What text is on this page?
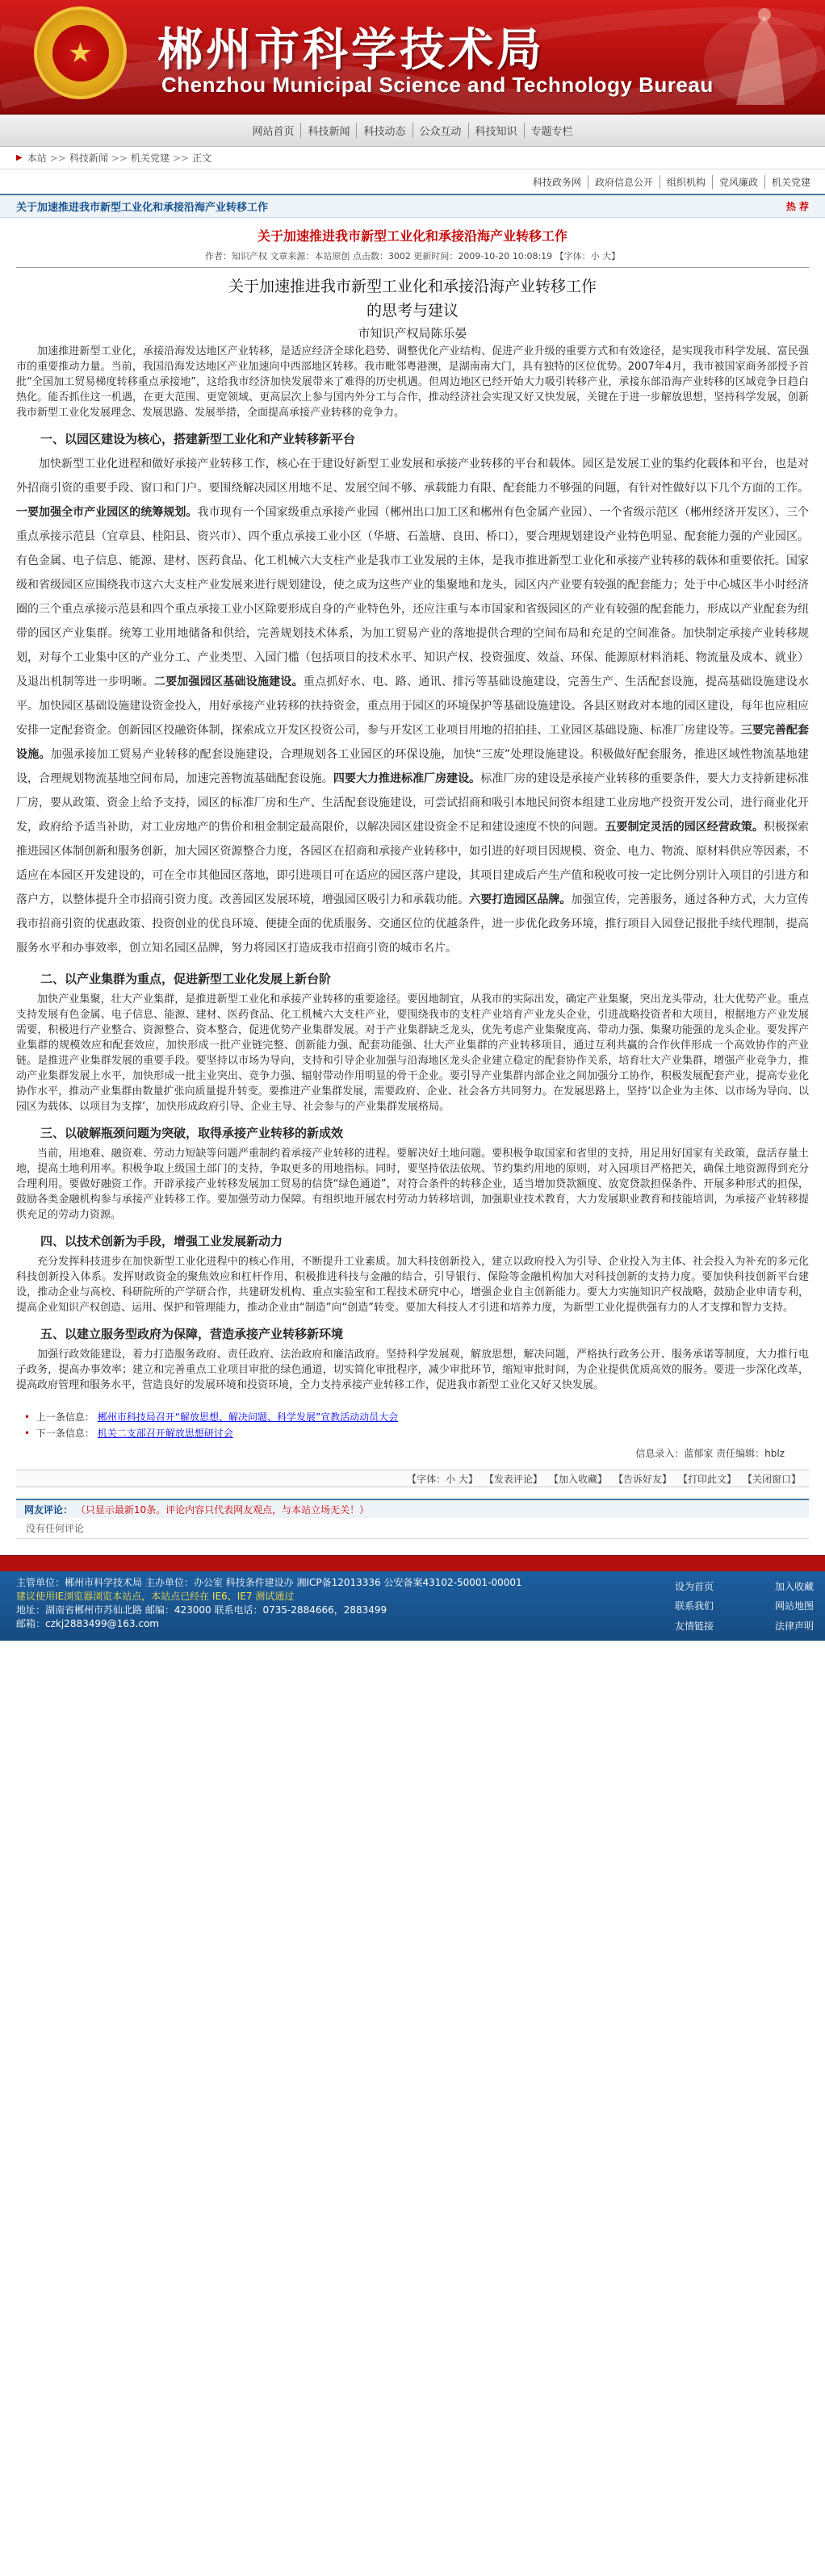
★	郴州市科学技术局
Chenzhou Municipal Science and Technology Bureau
网站首页	科技新闻	科技动态	公众互动	科技知识	专题专栏
▶ 本站 >> 科技新闻 >> 机关党建 >> 正文
科技政务网	政府信息公开	组织机构	党风廉政	机关党建
关于加速推进我市新型工业化和承接沿海产业转移工作	热 荐
关于加速推进我市新型工业化和承接沿海产业转移工作
作者：知识产权 文章来源：本站原创 点击数：3002 更新时间：2009-10-20 10:08:19 【字体：小 大】
关于加速推进我市新型工业化和承接沿海产业转移工作
的思考与建议
市知识产权局陈乐晏

加速推进新型工业化，承接沿海发达地区产业转移，是适应经济全球化趋势、调整优化产业结构、促进产业升级的重要方式和有效途径，是实现我市科学发展、富民强市的重要推动力量。当前，我国沿海发达地区产业加速向中西部地区转移。我市毗邻粤港澳，是湖南南大门，具有独特的区位优势。2007年4月，我市被国家商务部授予首批“全国加工贸易梯度转移重点承接地”，这给我市经济加快发展带来了难得的历史机遇。但周边地区已经开始大力吸引转移产业，承接东部沿海产业转移的区域竞争日趋白热化。能否抓住这一机遇，在更大范围、更宽领域、更高层次上参与国内外分工与合作，推动经济社会实现又好又快发展，关键在于进一步解放思想，坚持科学发展，创新我市新型工业化发展理念、发展思路、发展举措，全面提高承接产业转移的竞争力。

一、以园区建设为核心，搭建新型工业化和产业转移新平台

加快新型工业化进程和做好承接产业转移工作，核心在于建设好新型工业发展和承接产业转移的平台和载体。园区是发展工业的集约化载体和平台，也是对外招商引资的重要手段、窗口和门户。要围绕解决园区用地不足、发展空间不够、承载能力有限、配套能力不够强的问题，有针对性做好以下几个方面的工作。一要加强全市产业园区的统筹规划。我市现有一个国家级重点承接产业园（郴州出口加工区和郴州有色金属产业园）、一个省级示范区（郴州经济开发区）、三个重点承接示范县（宜章县、桂阳县、资兴市）、四个重点承接工业小区（华塘、石盖塘、良田、桥口），要合理规划建设产业特色明显、配套能力强的产业园区。有色金属、电子信息、能源、建材、医药食品、化工机械六大支柱产业是我市工业发展的主体，是我市推进新型工业化和承接产业转移的载体和重要依托。国家级和省级园区应围绕我市这六大支柱产业发展来进行规划建设，使之成为这些产业的集聚地和龙头，园区内产业要有较强的配套能力；处于中心城区半小时经济圈的三个重点承接示范县和四个重点承接工业小区除要形成自身的产业特色外，还应注重与本市国家和省级园区的产业有较强的配套能力，形成以产业配套为纽带的园区产业集群。统筹工业用地储备和供给，完善规划技术体系，为加工贸易产业的落地提供合理的空间布局和充足的空间准备。加快制定承接产业转移规划，对每个工业集中区的产业分工、产业类型、入园门槛（包括项目的技术水平、知识产权、投资强度、效益、环保、能源原材料消耗、物流量及成本、就业）及退出机制等进一步明晰。二要加强园区基础设施建设。重点抓好水、电、路、通讯、排污等基础设施建设，完善生产、生活配套设施，提高基础设施建设水平。加快园区基础设施建设资金投入，用好承接产业转移的扶持资金，重点用于园区的环境保护等基础设施建设。各县区财政对本地的园区建设，每年也应相应安排一定配套资金。创新园区投融资体制，探索成立开发区投资公司，参与开发区工业项目用地的招拍挂、工业园区基础设施、标准厂房建设等。三要完善配套设施。加强承接加工贸易产业转移的配套设施建设，合理规划各工业园区的环保设施，加快“三废”处理设施建设。积极做好配套服务，推进区域性物流基地建设，合理规划物流基地空间布局，加速完善物流基础配套设施。四要大力推进标准厂房建设。标准厂房的建设是承接产业转移的重要条件，要大力支持新建标准厂房，要从政策、资金上给予支持，园区的标准厂房和生产、生活配套设施建设，可尝试招商和吸引本地民间资本组建工业房地产投资开发公司，进行商业化开发，政府给予适当补助，对工业房地产的售价和租金制定最高限价，以解决园区建设资金不足和建设速度不快的问题。五要制定灵活的园区经营政策。积极探索推进园区体制创新和服务创新，加大园区资源整合力度，各园区在招商和承接产业转移中，如引进的好项目因规模、资金、电力、物流、原材料供应等因素，不适应在本园区开发建设的，可在全市其他园区落地，即引进项目可在适应的园区落户建设，其项目建成后产生产值和税收可按一定比例分别计入项目的引进方和落户方，以整体提升全市招商引资力度。改善园区发展环境，增强园区吸引力和承载功能。六要打造园区品牌。加强宣传，完善服务，通过各种方式，大力宣传我市招商引资的优惠政策、投资创业的优良环境、便捷全面的优质服务、交通区位的优越条件，进一步优化政务环境，推行项目入园登记报批手续代理制，提高服务水平和办事效率，创立知名园区品牌，努力将园区打造成我市招商引资的城市名片。

二、以产业集群为重点，促进新型工业化发展上新台阶

加快产业集聚，壮大产业集群，是推进新型工业化和承接产业转移的重要途径。要因地制宜，从我市的实际出发，确定产业集聚，突出龙头带动，壮大优势产业。重点支持发展有色金属、电子信息、能源、建材、医药食品、化工机械六大支柱产业，要围绕我市的支柱产业培育产业龙头企业，引进战略投资者和大项目，根据地方产业发展需要，积极进行产业整合、资源整合、资本整合，促进优势产业集群发展。对于产业集群缺乏龙头，优先考虑产业集聚度高、带动力强、集聚功能强的龙头企业。要发挥产业集群的规模效应和配套效应，加快形成一批产业链完整、创新能力强、配套功能强、壮大产业集群的产业转移项目，通过互利共赢的合作伙伴形成一个高效协作的产业链。是推进产业集群发展的重要手段。要坚持以市场为导向，支持和引导企业加强与沿海地区龙头企业建立稳定的配套协作关系，培育壮大产业集群，增强产业竞争力，推动产业集群发展上水平，加快形成一批主业突出、竞争力强、辐射带动作用明显的骨干企业。要引导产业集群内部企业之间加强分工协作，积极发展配套产业，提高专业化协作水平，推动产业集群由数量扩张向质量提升转变。要推进产业集群发展，需要政府、企业、社会各方共同努力。在发展思路上，坚持‘以企业为主体、以市场为导向、以园区为载体、以项目为支撑’，加快形成政府引导、企业主导、社会参与的产业集群发展格局。

三、以破解瓶颈问题为突破，取得承接产业转移的新成效

当前，用地难、融资难、劳动力短缺等问题严重制约着承接产业转移的进程。要解决好土地问题。要积极争取国家和省里的支持，用足用好国家有关政策，盘活存量土地，提高土地利用率。积极争取上级国土部门的支持，争取更多的用地指标。同时，要坚持依法依规、节约集约用地的原则，对入园项目严格把关，确保土地资源得到充分合理利用。要做好融资工作。开辟承接产业转移发展加工贸易的信贷“绿色通道”，对符合条件的转移企业，适当增加贷款额度、放宽贷款担保条件、开展多种形式的担保，鼓励各类金融机构参与承接产业转移工作。要加强劳动力保障。有组织地开展农村劳动力转移培训，加强职业技术教育，大力发展职业教育和技能培训，为承接产业转移提供充足的劳动力资源。

四、以技术创新为手段，增强工业发展新动力

充分发挥科技进步在加快新型工业化进程中的核心作用，不断提升工业素质。加大科技创新投入，建立以政府投入为引导、企业投入为主体、社会投入为补充的多元化科技创新投入体系。发挥财政资金的聚焦效应和杠杆作用，积极推进科技与金融的结合，引导银行、保险等金融机构加大对科技创新的支持力度。要加快科技创新平台建设，推动企业与高校、科研院所的产学研合作，共建研发机构、重点实验室和工程技术研究中心，增强企业自主创新能力。要大力实施知识产权战略，鼓励企业申请专利，提高企业知识产权创造、运用、保护和管理能力，推动企业由“制造”向“创造”转变。要加大科技人才引进和培养力度，为新型工业化提供强有力的人才支撑和智力支持。

五、以建立服务型政府为保障，营造承接产业转移新环境

加强行政效能建设，着力打造服务政府、责任政府、法治政府和廉洁政府。坚持科学发展观，解放思想，解决问题，严格执行政务公开、服务承诺等制度，大力推行电子政务，提高办事效率；建立和完善重点工业项目审批的绿色通道，切实简化审批程序，减少审批环节，缩短审批时间，为企业提供优质高效的服务。要进一步深化改革，提高政府管理和服务水平，营造良好的发展环境和投资环境，全力支持承接产业转移工作，促进我市新型工业化又好又快发展。

• 上一条信息： 郴州市科技局召开“解放思想、解决问题、科学发展”宣教活动动员大会
• 下一条信息： 机关二支部召开解放思想研讨会
信息录入：蓝郁家 责任编辑：hblz
【字体：小 大】 【发表评论】 【加入收藏】 【告诉好友】 【打印此文】 【关闭窗口】
网友评论： （只显示最新10条。评论内容只代表网友观点，与本站立场无关！）
没有任何评论
主管单位：郴州市科学技术局 主办单位：办公室 科技条件建设办 湘ICP备12013336 公安备案43102-50001-00001
建议使用IE浏览器浏览本站点，本站点已经在 IE6、IE7 测试通过
地址：湖南省郴州市苏仙北路 邮编：423000 联系电话：0735-2884666，2883499
邮箱：czkj2883499@163.com
设为首页	加入收藏
联系我们	网站地图
友情链接	法律声明
